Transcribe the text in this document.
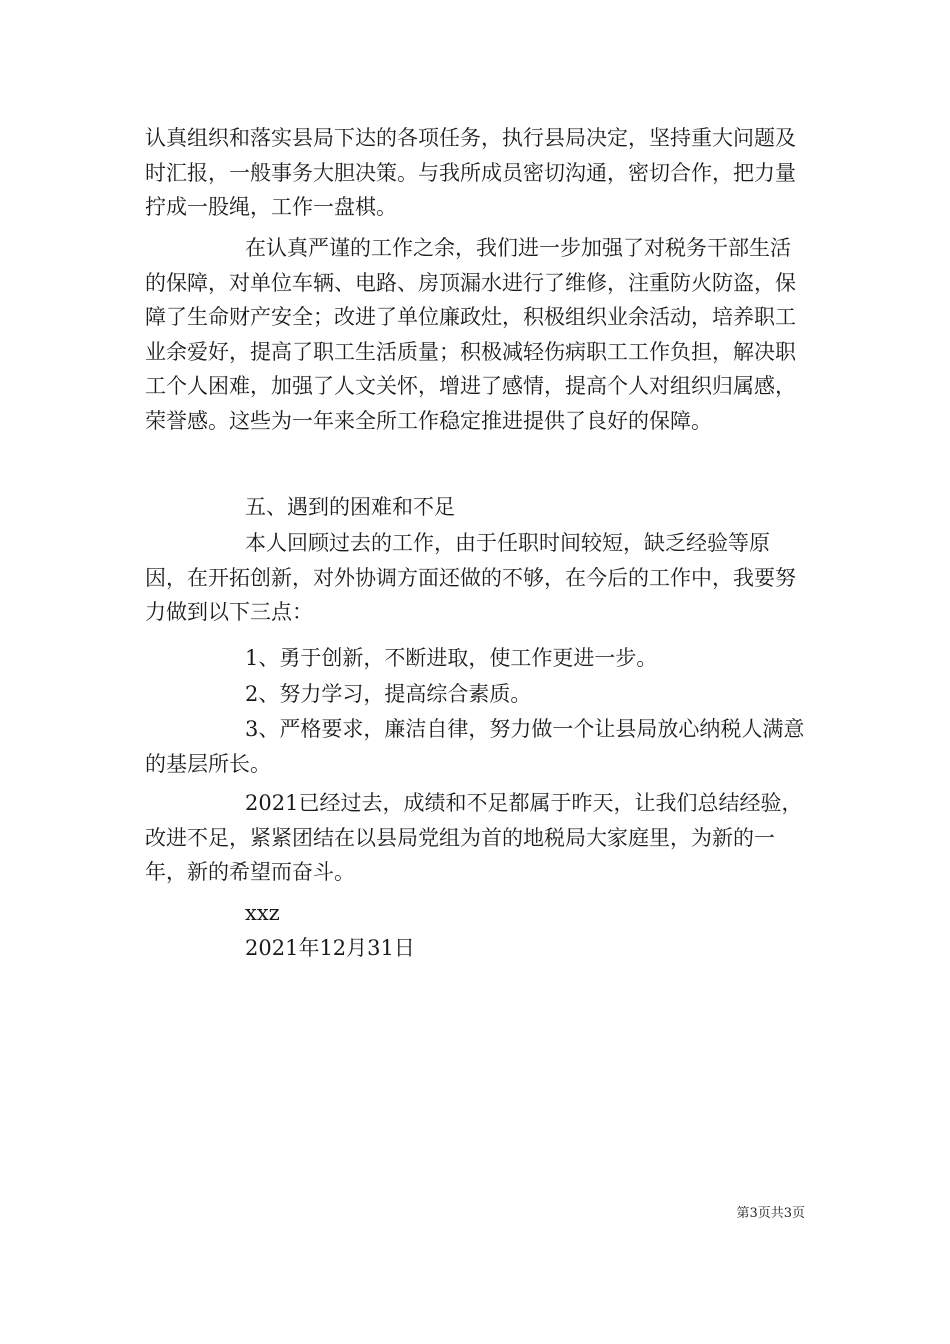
认真组织和落实县局下达的各项任务，执行县局决定，坚持重大问题及时汇报，一般事务大胆决策。与我所成员密切沟通，密切合作，把力量拧成一股绳，工作一盘棋。

在认真严谨的工作之余，我们进一步加强了对税务干部生活的保障，对单位车辆、电路、房顶漏水进行了维修，注重防火防盗，保障了生命财产安全；改进了单位廉政灶，积极组织业余活动，培养职工业余爱好，提高了职工生活质量；积极减轻伤病职工工作负担，解决职工个人困难，加强了人文关怀，增进了感情，提高个人对组织归属感，荣誉感。这些为一年来全所工作稳定推进提供了良好的保障。

五、遇到的困难和不足

本人回顾过去的工作，由于任职时间较短，缺乏经验等原因，在开拓创新，对外协调方面还做的不够，在今后的工作中，我要努力做到以下三点：

1、勇于创新，不断进取，使工作更进一步。

2、努力学习，提高综合素质。

3、严格要求，廉洁自律，努力做一个让县局放心纳税人满意的基层所长。

2021已经过去，成绩和不足都属于昨天，让我们总结经验，改进不足，紧紧团结在以县局党组为首的地税局大家庭里，为新的一年，新的希望而奋斗。

xxz

2021年12月31日

第3页共3页
